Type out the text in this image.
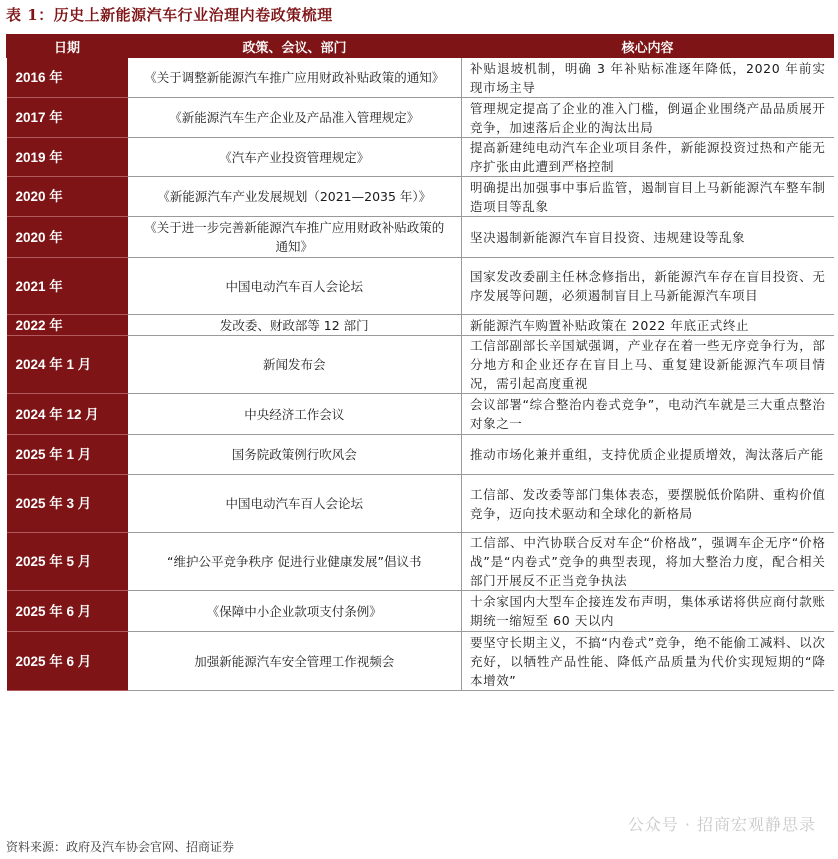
表 1：历史上新能源汽车行业治理内卷政策梳理
日期	政策、会议、部门	核心内容
2016 年	《关于调整新能源汽车推广应用财政补贴政策的通知》	补贴退坡机制，明确 3 年补贴标准逐年降低，2020 年前实现市场主导
2017 年	《新能源汽车生产企业及产品准入管理规定》	管理规定提高了企业的准入门槛，倒逼企业围绕产品品质展开竞争，加速落后企业的淘汰出局
2019 年	《汽车产业投资管理规定》	提高新建纯电动汽车企业项目条件，新能源投资过热和产能无序扩张由此遭到严格控制
2020 年	《新能源汽车产业发展规划（2021—2035 年）》	明确提出加强事中事后监管，遏制盲目上马新能源汽车整车制造项目等乱象
2020 年	《关于进一步完善新能源汽车推广应用财政补贴政策的通知》	坚决遏制新能源汽车盲目投资、违规建设等乱象
2021 年	中国电动汽车百人会论坛	国家发改委副主任林念修指出，新能源汽车存在盲目投资、无序发展等问题，必须遏制盲目上马新能源汽车项目
2022 年	发改委、财政部等 12 部门	新能源汽车购置补贴政策在 2022 年底正式终止
2024 年 1 月	新闻发布会	工信部副部长辛国斌强调，产业存在着一些无序竞争行为，部分地方和企业还存在盲目上马、重复建设新能源汽车项目情况，需引起高度重视
2024 年 12 月	中央经济工作会议	会议部署“综合整治内卷式竞争”，电动汽车就是三大重点整治对象之一
2025 年 1 月	国务院政策例行吹风会	推动市场化兼并重组，支持优质企业提质增效，淘汰落后产能
2025 年 3 月	中国电动汽车百人会论坛	工信部、发改委等部门集体表态，要摆脱低价陷阱、重构价值竞争，迈向技术驱动和全球化的新格局
2025 年 5 月	“维护公平竞争秩序 促进行业健康发展”倡议书	工信部、中汽协联合反对车企“价格战”，强调车企无序“价格战”是“内卷式”竞争的典型表现，将加大整治力度，配合相关部门开展反不正当竞争执法
2025 年 6 月	《保障中小企业款项支付条例》	十余家国内大型车企接连发布声明，集体承诺将供应商付款账期统一缩短至 60 天以内
2025 年 6 月	加强新能源汽车安全管理工作视频会	要坚守长期主义，不搞“内卷式”竞争，绝不能偷工减料、以次充好，以牺牲产品性能、降低产品质量为代价实现短期的“降本增效”
资料来源：政府及汽车协会官网、招商证券
公众号 · 招商宏观静思录
